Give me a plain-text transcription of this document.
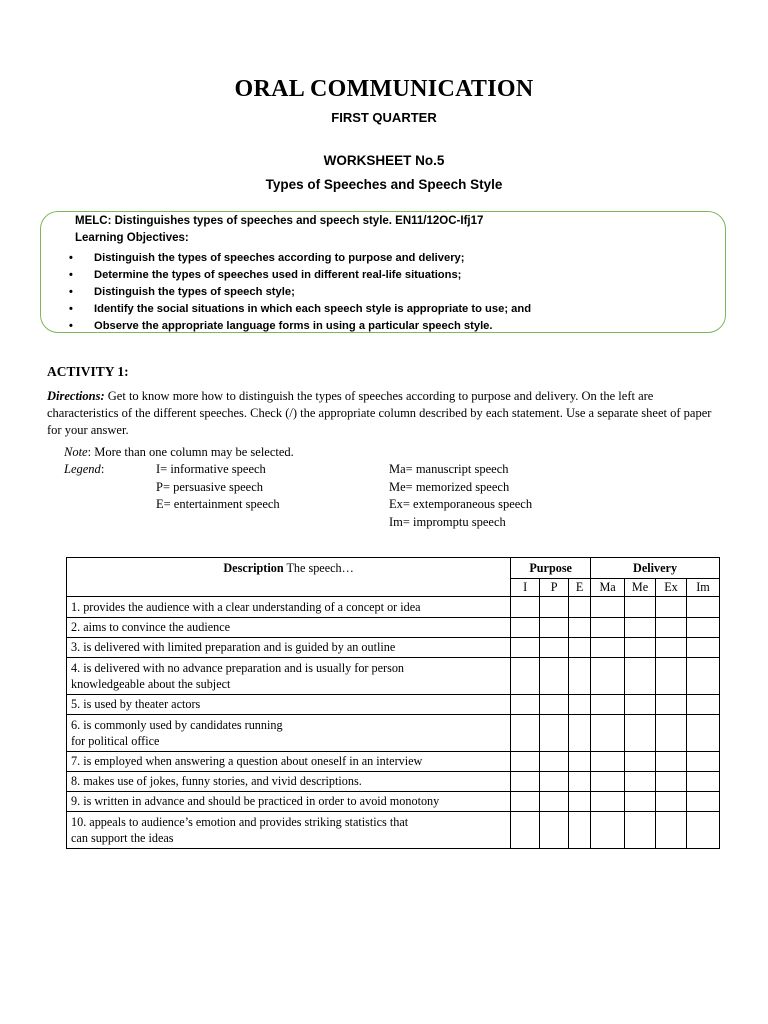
ORAL COMMUNICATION
FIRST QUARTER
WORKSHEET No.5
Types of Speeches and Speech Style
MELC: Distinguishes types of speeches and speech style. EN11/12OC-Ifj17
Learning Objectives:
• Distinguish the types of speeches according to purpose and delivery;
• Determine the types of speeches used in different real-life situations;
• Distinguish the types of speech style;
• Identify the social situations in which each speech style is appropriate to use; and
• Observe the appropriate language forms in using a particular speech style.
ACTIVITY 1:
Directions: Get to know more how to distinguish the types of speeches according to purpose and delivery. On the left are characteristics of the different speeches. Check (/) the appropriate column described by each statement. Use a separate sheet of paper for your answer.
Note: More than one column may be selected.
Legend:	I= informative speech
P= persuasive speech
E= entertainment speech
Ma= manuscript speech
Me= memorized speech
Ex= extemporaneous speech
Im= impromptu speech
Description The speech…	Purpose			Delivery			
	I	P	E	Ma	Me	Ex	Im
1. provides the audience with a clear understanding of a concept or idea							
2. aims to convince the audience							
3. is delivered with limited preparation and is guided by an outline							

4. is delivered with no advance preparation and is usually for person
knowledgeable about the subject							

5. is used by theater actors							

6. is commonly used by candidates running
for political office							

7. is employed when answering a question about oneself in an interview							
8. makes use of jokes, funny stories, and vivid descriptions.							
9. is written in advance and should be practiced in order to avoid monotony							

10. appeals to audience’s emotion and provides striking statistics that
can support the ideas							
